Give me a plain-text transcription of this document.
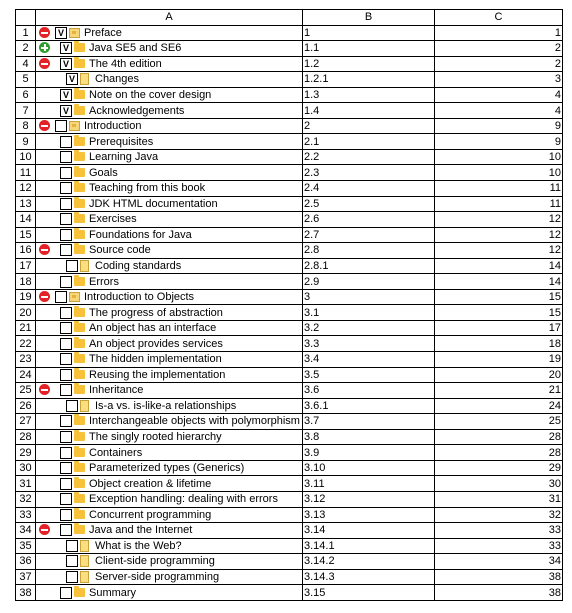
	A	B	C
1	V Preface	1	1
2	V Java SE5 and SE6	1.1	2
4	V The 4th edition	1.2	2
5	V Changes	1.2.1	3
6	V Note on the cover design	1.3	4
7	V Acknowledgements	1.4	4
8	Introduction	2	9
9	Prerequisites	2.1	9
10	Learning Java	2.2	10
11	Goals	2.3	10
12	Teaching from this book	2.4	11
13	JDK HTML documentation	2.5	11
14	Exercises	2.6	12
15	Foundations for Java	2.7	12
16	Source code	2.8	12
17	Coding standards	2.8.1	14
18	Errors	2.9	14
19	Introduction to Objects	3	15
20	The progress of abstraction	3.1	15
21	An object has an interface	3.2	17
22	An object provides services	3.3	18
23	The hidden implementation	3.4	19
24	Reusing the implementation	3.5	20
25	Inheritance	3.6	21
26	Is-a vs. is-like-a relationships	3.6.1	24
27	Interchangeable objects with polymorphism	3.7	25
28	The singly rooted hierarchy	3.8	28
29	Containers	3.9	28
30	Parameterized types (Generics)	3.10	29
31	Object creation & lifetime	3.11	30
32	Exception handling: dealing with errors	3.12	31
33	Concurrent programming	3.13	32
34	Java and the Internet	3.14	33
35	What is the Web?	3.14.1	33
36	Client-side programming	3.14.2	34
37	Server-side programming	3.14.3	38
38	Summary	3.15	38
